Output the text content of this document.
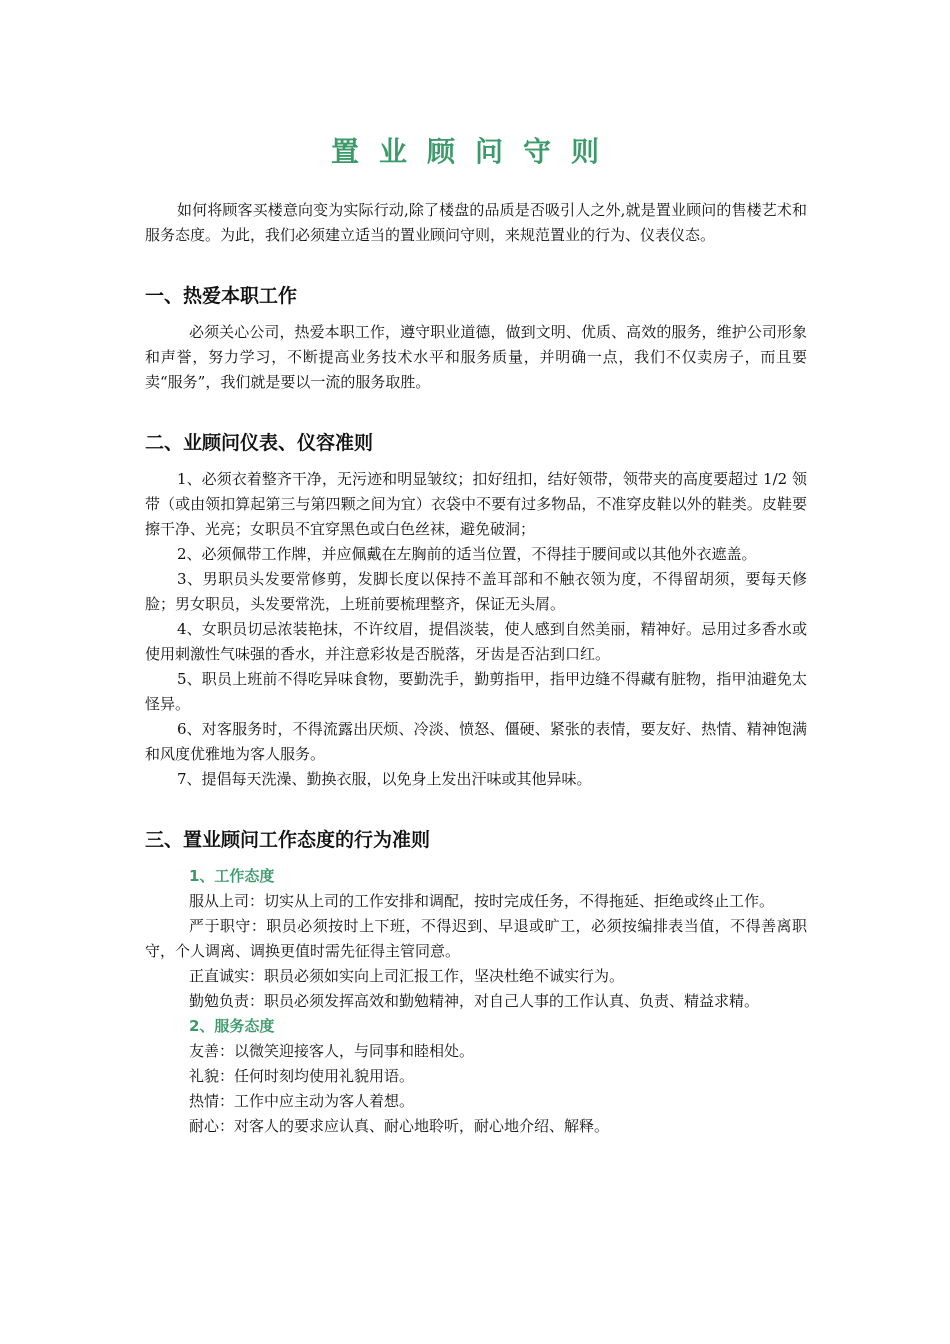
置业顾问守则

如何将顾客买楼意向变为实际行动,除了楼盘的品质是否吸引人之外,就是置业顾问的售楼艺术和服务态度。为此，我们必须建立适当的置业顾问守则，来规范置业的行为、仪表仪态。

一、热爱本职工作

必须关心公司，热爱本职工作，遵守职业道德，做到文明、优质、高效的服务，维护公司形象和声誉，努力学习，不断提高业务技术水平和服务质量，并明确一点，我们不仅卖房子，而且要卖“服务”，我们就是要以一流的服务取胜。

二、业顾问仪表、仪容准则

1、必须衣着整齐干净，无污迹和明显皱纹；扣好纽扣，结好领带，领带夹的高度要超过 1/2 领带（或由领扣算起第三与第四颗之间为宜）衣袋中不要有过多物品，不准穿皮鞋以外的鞋类。皮鞋要擦干净、光亮；女职员不宜穿黑色或白色丝袜，避免破洞；

2、必须佩带工作牌，并应佩戴在左胸前的适当位置，不得挂于腰间或以其他外衣遮盖。

3、男职员头发要常修剪，发脚长度以保持不盖耳部和不触衣领为度，不得留胡须，要每天修脸；男女职员，头发要常洗，上班前要梳理整齐，保证无头屑。

4、女职员切忌浓装艳抹，不许纹眉，提倡淡装，使人感到自然美丽，精神好。忌用过多香水或使用刺激性气味强的香水，并注意彩妆是否脱落，牙齿是否沾到口红。

5、职员上班前不得吃异味食物，要勤洗手，勤剪指甲，指甲边缝不得藏有脏物，指甲油避免太怪异。

6、对客服务时，不得流露出厌烦、冷淡、愤怒、僵硬、紧张的表情，要友好、热情、精神饱满和风度优雅地为客人服务。

7、提倡每天洗澡、勤换衣服，以免身上发出汗味或其他异味。

三、置业顾问工作态度的行为准则

1、工作态度

服从上司：切实从上司的工作安排和调配，按时完成任务，不得拖延、拒绝或终止工作。

严于职守：职员必须按时上下班，不得迟到、早退或旷工，必须按编排表当值，不得善离职守，个人调离、调换更值时需先征得主管同意。

正直诚实：职员必须如实向上司汇报工作，坚决杜绝不诚实行为。

勤勉负责：职员必须发挥高效和勤勉精神，对自己人事的工作认真、负责、精益求精。

2、服务态度

友善：以微笑迎接客人，与同事和睦相处。

礼貌：任何时刻均使用礼貌用语。

热情：工作中应主动为客人着想。

耐心：对客人的要求应认真、耐心地聆听，耐心地介绍、解释。
